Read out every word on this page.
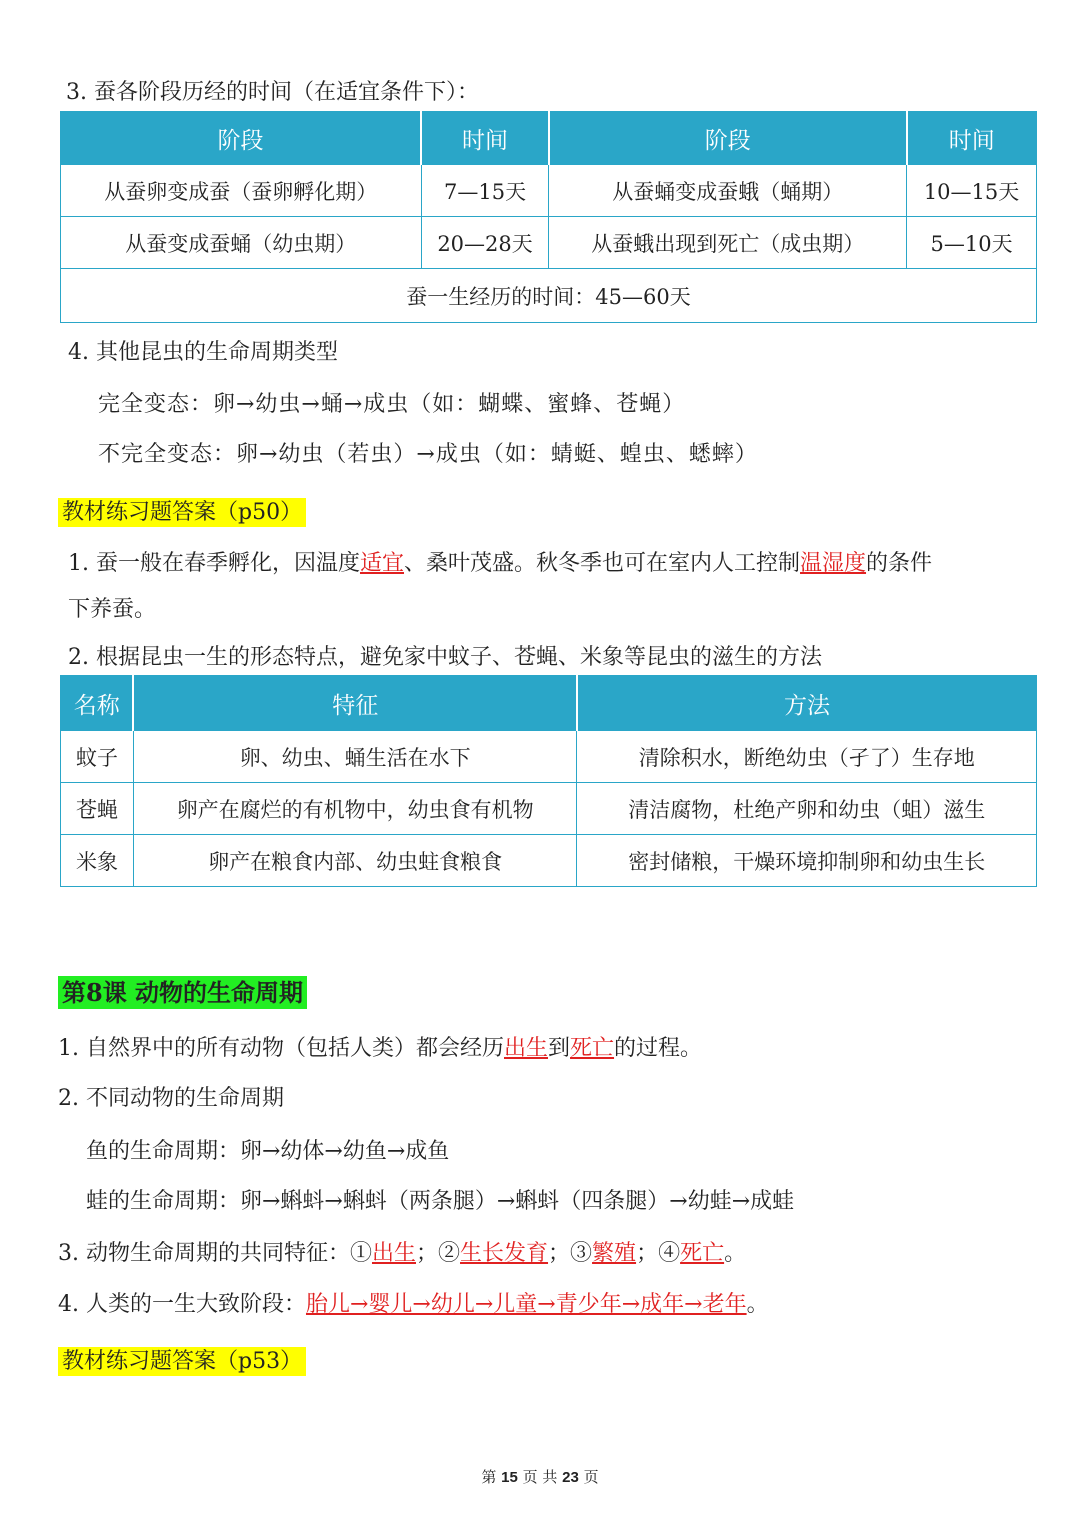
3. 蚕各阶段历经的时间（在适宜条件下）：
阶段	时间	阶段	时间
从蚕卵变成蚕（蚕卵孵化期）	7—15天	从蚕蛹变成蚕蛾（蛹期）	10—15天
从蚕变成蚕蛹（幼虫期）	20—28天	从蚕蛾出现到死亡（成虫期）	5—10天
蚕一生经历的时间：45—60天			
4. 其他昆虫的生命周期类型
完全变态：卵→幼虫→蛹→成虫（如：蝴蝶、蜜蜂、苍蝇）
不完全变态：卵→幼虫（若虫）→成虫（如：蜻蜓、蝗虫、蟋蟀）
教材练习题答案（p50）
1. 蚕一般在春季孵化，因温度适宜、桑叶茂盛。秋冬季也可在室内人工控制温湿度的条件
下养蚕。
2. 根据昆虫一生的形态特点，避免家中蚊子、苍蝇、米象等昆虫的滋生的方法
名称	特征	方法
蚊子	卵、幼虫、蛹生活在水下	清除积水，断绝幼虫（孑了）生存地
苍蝇	卵产在腐烂的有机物中，幼虫食有机物	清洁腐物，杜绝产卵和幼虫（蛆）滋生
米象	卵产在粮食内部、幼虫蛀食粮食	密封储粮，干燥环境抑制卵和幼虫生长
第8课 动物的生命周期
1. 自然界中的所有动物（包括人类）都会经历出生到死亡的过程。
2. 不同动物的生命周期
鱼的生命周期：卵→幼体→幼鱼→成鱼
蛙的生命周期：卵→蝌蚪→蝌蚪（两条腿）→蝌蚪（四条腿）→幼蛙→成蛙
3. 动物生命周期的共同特征：①出生；②生长发育；③繁殖；④死亡。
4. 人类的一生大致阶段：胎儿→婴儿→幼儿→儿童→青少年→成年→老年。
教材练习题答案（p53）
第 15 页 共 23 页
